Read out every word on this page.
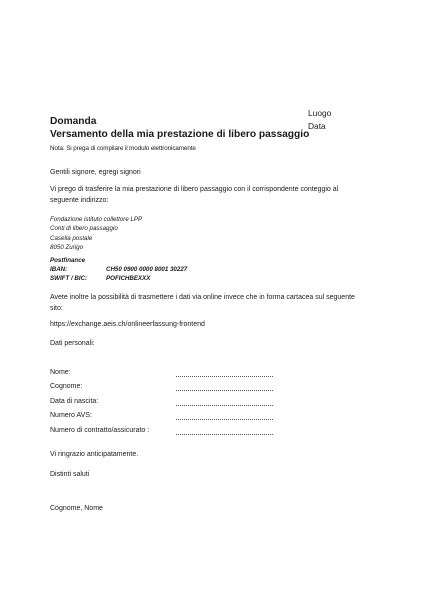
Luogo
Data
Domanda
Versamento della mia prestazione di libero passaggio
Nota: Si prega di compilare il modulo elettronicamente
Gentili signore, egregi signori
Vi prego di trasferire la mia prestazione di libero passaggio con il corrispondente conteggio al
seguente indirizzo:
Fondazione istituto collettore LPP
Conti di libero passaggio
Casella postale
8050 Zurigo
Postfinance
IBAN:	CH50 0900 0000 8001 30227
SWIFT / BIC:	POFICHBEXXX
Avete inoltre la possibilità di trasmettere i dati via online invece che in forma cartacea sul seguente
sito:
https://exchange.aeis.ch/onlineerfassung-frontend
Dati personali:
Nome:
Cognome:
Data di nascita:
Numero AVS:
Numero di contratto/assicurato :
Vi ringrazio anticipatamente.
Distinti saluti
Cognome, Nome
